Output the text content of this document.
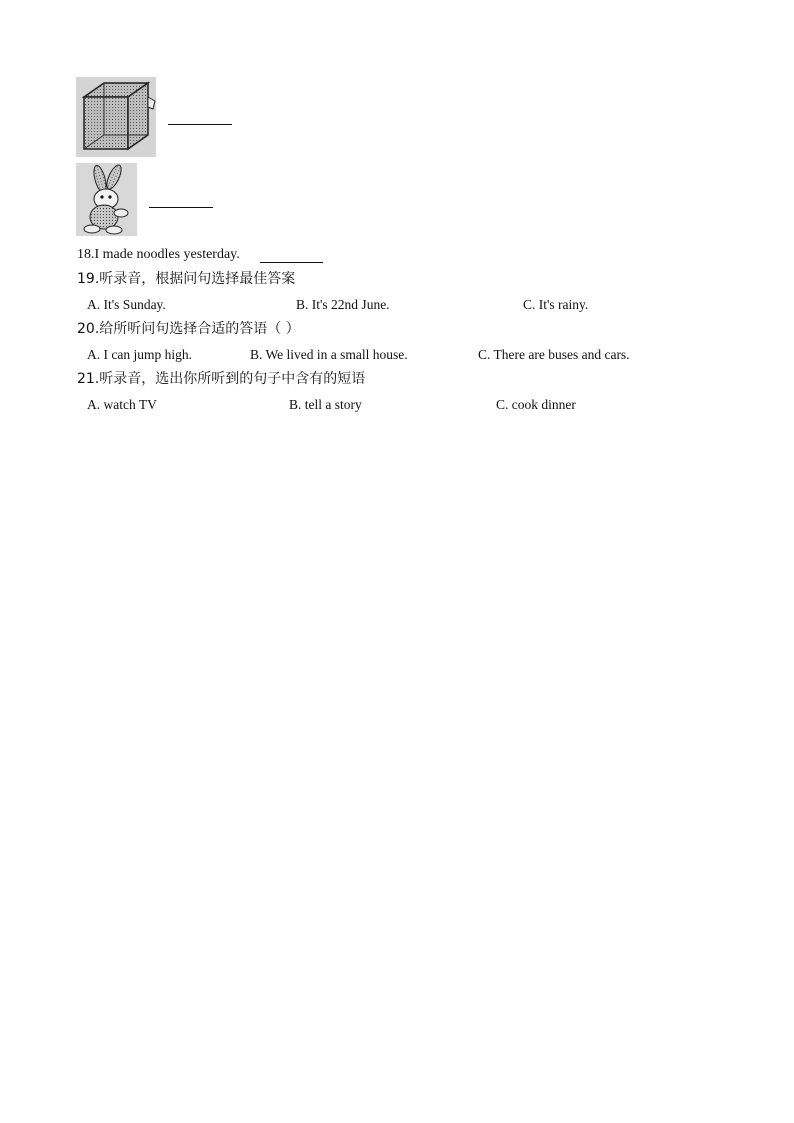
18.I made noodles yesterday.
19.听录音，根据问句选择最佳答案
A. It's Sunday.	B. It's 22nd June.	C. It's rainy.
20.给所听问句选择合适的答语（ ）
A. I can jump high.	B. We lived in a small house.	C. There are buses and cars.
21.听录音，选出你所听到的句子中含有的短语
A. watch TV	B. tell a story	C. cook dinner
